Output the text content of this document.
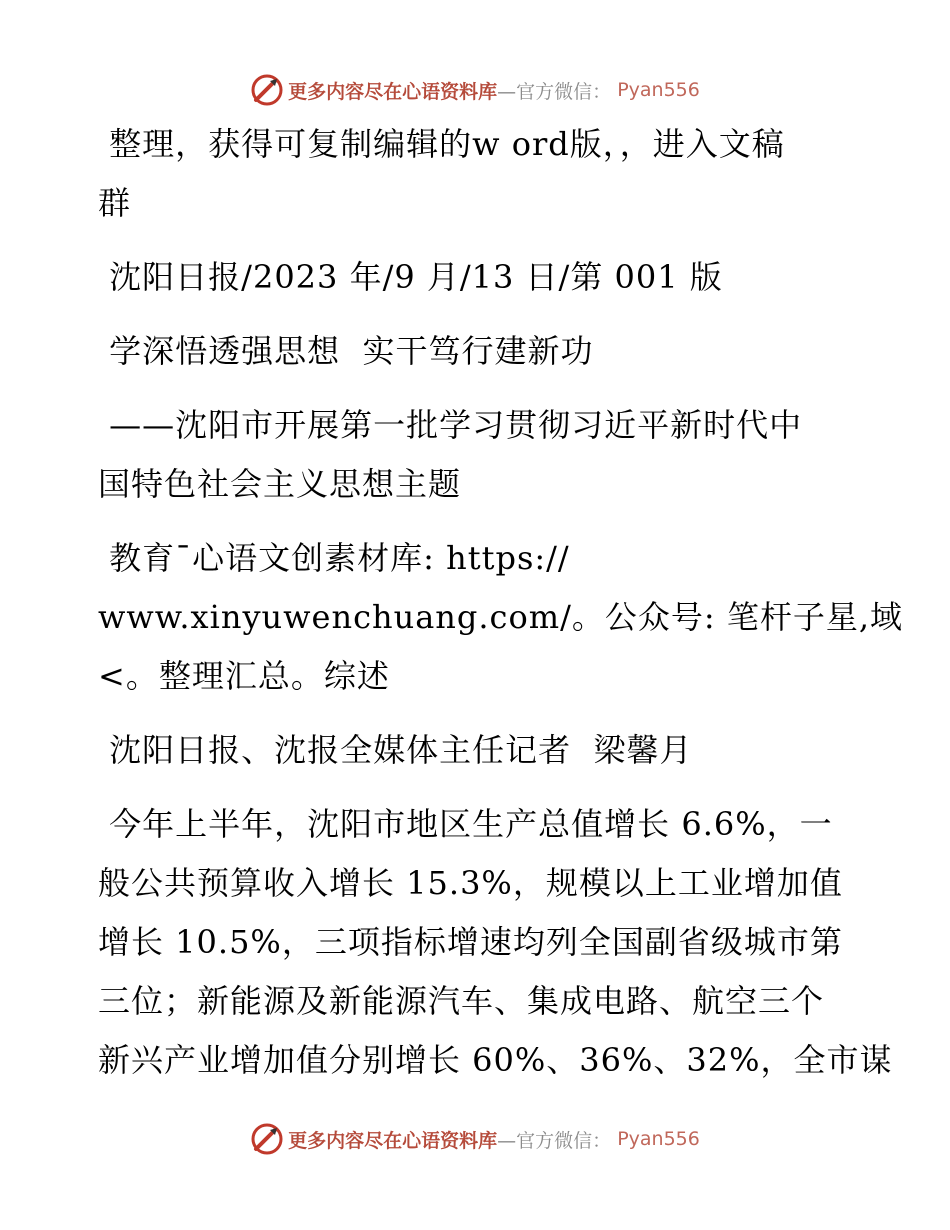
更多内容尽在心语资料库 —官方微信： Pyan556
整理，获得可复制编辑的w ord版，，进入文稿
群
沈阳日报/2023 年/9 月/13 日/第 001 版
学深悟透强思想  实干笃行建新功
——沈阳市开展第一批学习贯彻习近平新时代中
国特色社会主义思想主题
教育¯心语文创素材库: https://
www.xinyuwenchuang.com/。公众号: 笔杆子星,域
<。整理汇总。综述
沈阳日报、沈报全媒体主任记者  梁馨月
今年上半年，沈阳市地区生产总值增长 6.6%，一
般公共预算收入增长 15.3%，规模以上工业增加值
增长 10.5%，三项指标增速均列全国副省级城市第
三位；新能源及新能源汽车、集成电路、航空三个
新兴产业增加值分别增长 60%、36%、32%，全市谋
更多内容尽在心语资料库 —官方微信： Pyan556
